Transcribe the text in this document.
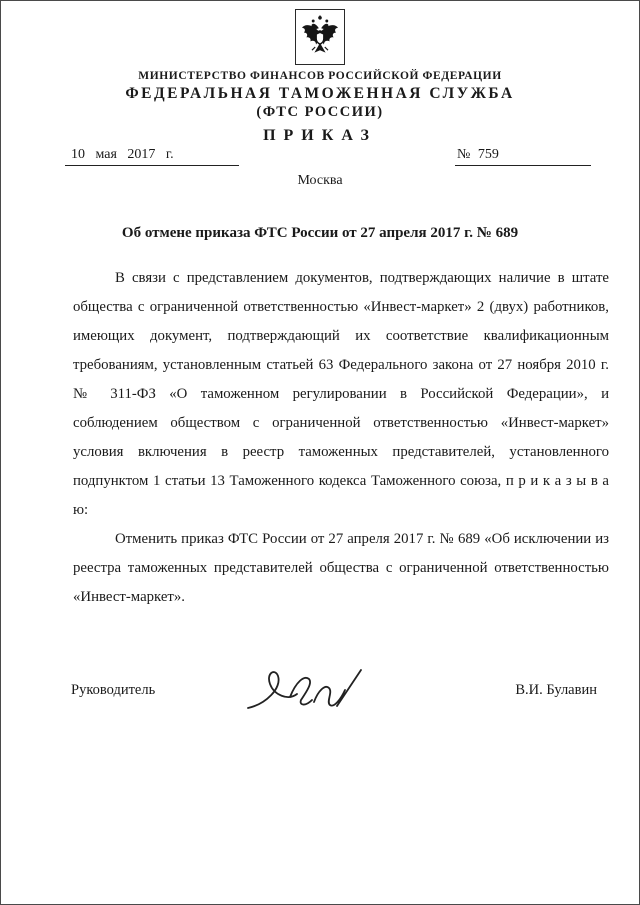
МИНИСТЕРСТВО ФИНАНСОВ РОССИЙСКОЙ ФЕДЕРАЦИИ
ФЕДЕРАЛЬНАЯ ТАМОЖЕННАЯ СЛУЖБА
(ФТС РОССИИ)
ПРИКАЗ
10 мая 2017 г.	№ 759
Москва
Об отмене приказа ФТС России от 27 апреля 2017 г. № 689

В связи с представлением документов, подтверждающих наличие в штате общества с ограниченной ответственностью «Инвест-маркет» 2 (двух) работников, имеющих документ, подтверждающий их соответствие квалификационным требованиям, установленным статьей 63 Федерального закона от 27 ноября 2010 г. № 311-ФЗ «О таможенном регулировании в Российской Федерации», и соблюдением обществом с ограниченной ответственностью «Инвест-маркет» условия включения в реестр таможенных представителей, установленного подпунктом 1 статьи 13 Таможенного кодекса Таможенного союза, п р и к а з ы в а ю:

Отменить приказ ФТС России от 27 апреля 2017 г. № 689 «Об исключении из реестра таможенных представителей общества с ограниченной ответственностью «Инвест-маркет».

Руководитель	В.И. Булавин
